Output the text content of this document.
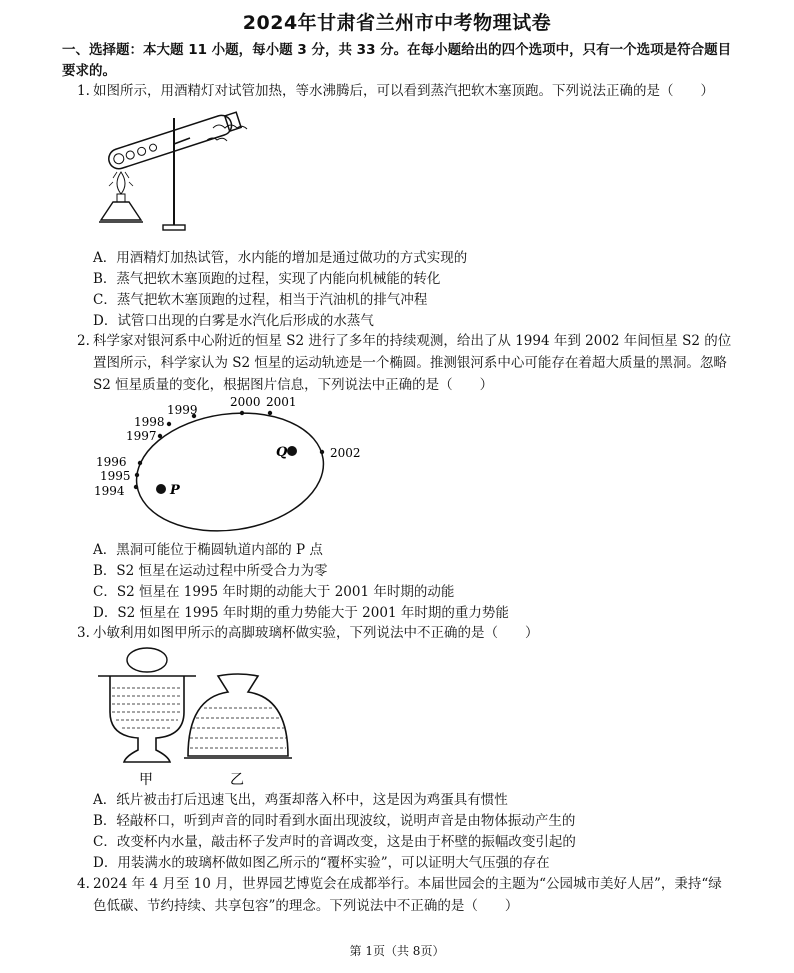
2024年甘肃省兰州市中考物理试卷
一、选择题：本大题 11 小题，每小题 3 分，共 33 分。在每小题给出的四个选项中，只有一个选项是符合题目要求的。
1. 如图所示，用酒精灯对试管加热，等水沸腾后，可以看到蒸汽把软木塞顶跑。下列说法正确的是（　　）
A．用酒精灯加热试管，水内能的增加是通过做功的方式实现的
B．蒸气把软木塞顶跑的过程，实现了内能向机械能的转化
C．蒸气把软木塞顶跑的过程，相当于汽油机的排气冲程
D．试管口出现的白雾是水汽化后形成的水蒸气
2. 科学家对银河系中心附近的恒星 S2 进行了多年的持续观测，给出了从 1994 年到 2002 年间恒星 S2 的位置图所示，科学家认为 S2 恒星的运动轨迹是一个椭圆。推测银河系中心可能存在着超大质量的黑洞。忽略 S2 恒星质量的变化，根据图片信息，下列说法中正确的是（　　）
1994
1995
1996
1997
1998
1999
2000 2001
2002
P
Q
A．黑洞可能位于椭圆轨道内部的 P 点
B．S2 恒星在运动过程中所受合力为零
C．S2 恒星在 1995 年时期的动能大于 2001 年时期的动能
D．S2 恒星在 1995 年时期的重力势能大于 2001 年时期的重力势能
3. 小敏利用如图甲所示的高脚玻璃杯做实验，下列说法中不正确的是（　　）
甲	乙
A．纸片被击打后迅速飞出，鸡蛋却落入杯中，这是因为鸡蛋具有惯性
B．轻敲杯口，听到声音的同时看到水面出现波纹，说明声音是由物体振动产生的
C．改变杯内水量，敲击杯子发声时的音调改变，这是由于杯壁的振幅改变引起的
D．用装满水的玻璃杯做如图乙所示的“覆杯实验”，可以证明大气压强的存在
4. 2024 年 4 月至 10 月，世界园艺博览会在成都举行。本届世园会的主题为“公园城市美好人居”，秉持“绿色低碳、节约持续、共享包容”的理念。下列说法中不正确的是（　　）
第 1页（共 8页）
